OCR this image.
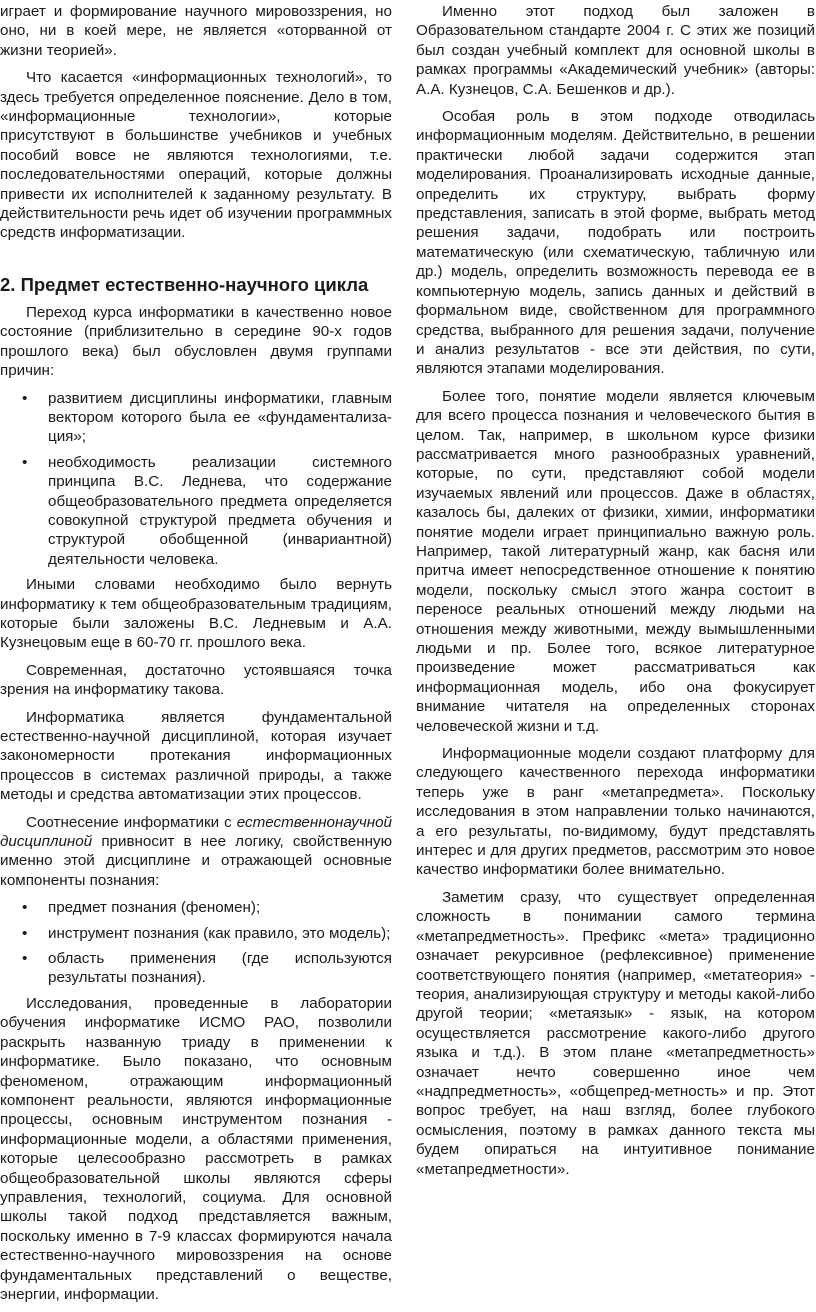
играет и формирование научного мировоззрения, но оно, ни в коей мере, не является «оторванной от жизни теорией».

Что касается «информационных технологий», то здесь требуется определенное пояснение. Дело в том, «информационные технологии», которые присутствуют в большинстве учебников и учебных пособий вовсе не являются технологиями, т.е. последовательностями операций, которые должны привести их исполнителей к заданному результату. В действительности речь идет об изучении программных средств информатизации.

2. Предмет естественно-научного цикла

Переход курса информатики в качественно новое состояние (приблизительно в середине 90-х годов прошлого века) был обусловлен двумя группами причин:

• развитием дисциплины информатики, главным вектором которого была ее «фундаментализа-ция»;
• необходимость реализации системного принципа В.С. Леднева, что содержание общеобразовательного предмета определяется совокупной структурой предмета обучения и структурой обобщенной (инвариантной) деятельности человека.

Иными словами необходимо было вернуть информатику к тем общеобразовательным традициям, которые были заложены В.С. Ледневым и А.А. Кузнецовым еще в 60-70 гг. прошлого века.

Современная, достаточно устоявшаяся точка зрения на информатику такова.

Информатика является фундаментальной естественно-научной дисциплиной, которая изучает закономерности протекания информационных процессов в системах различной природы, а также методы и средства автоматизации этих процессов.

Соотнесение информатики с естественнонаучной дисциплиной привносит в нее логику, свойственную именно этой дисциплине и отражающей основные компоненты познания:

• предмет познания (феномен);
• инструмент познания (как правило, это модель);
• область применения (где используются результаты познания).

Исследования, проведенные в лаборатории обучения информатике ИСМО РАО, позволили раскрыть названную триаду в применении к информатике. Было показано, что основным феноменом, отражающим информационный компонент реальности, являются информационные процессы, основным инструментом познания - информационные модели, а областями применения, которые целесообразно рассмотреть в рамках общеобразовательной школы являются сферы управления, технологий, социума. Для основной школы такой подход представляется важным, поскольку именно в 7-9 классах формируются начала естественно-научного мировоззрения на основе фундаментальных представлений о веществе, энергии, информации.

Именно этот подход был заложен в Образовательном стандарте 2004 г. С этих же позиций был создан учебный комплект для основной школы в рамках программы «Академический учебник» (авторы: А.А. Кузнецов, С.А. Бешенков и др.).

Особая роль в этом подходе отводилась информационным моделям. Действительно, в решении практически любой задачи содержится этап моделирования. Проанализировать исходные данные, определить их структуру, выбрать форму представления, записать в этой форме, выбрать метод решения задачи, подобрать или построить математическую (или схематическую, табличную или др.) модель, определить возможность перевода ее в компьютерную модель, запись данных и действий в формальном виде, свойственном для программного средства, выбранного для решения задачи, получение и анализ результатов - все эти действия, по сути, являются этапами моделирования.

Более того, понятие модели является ключевым для всего процесса познания и человеческого бытия в целом. Так, например, в школьном курсе физики рассматривается много разнообразных уравнений, которые, по сути, представляют собой модели изучаемых явлений или процессов. Даже в областях, казалось бы, далеких от физики, химии, информатики понятие модели играет принципиально важную роль. Например, такой литературный жанр, как басня или притча имеет непосредственное отношение к понятию модели, поскольку смысл этого жанра состоит в переносе реальных отношений между людьми на отношения между животными, между вымышленными людьми и пр. Более того, всякое литературное произведение может рассматриваться как информационная модель, ибо она фокусирует внимание читателя на определенных сторонах человеческой жизни и т.д.

Информационные модели создают платформу для следующего качественного перехода информатики теперь уже в ранг «метапредмета». Поскольку исследования в этом направлении только начинаются, а его результаты, по-видимому, будут представлять интерес и для других предметов, рассмотрим это новое качество информатики более внимательно.

Заметим сразу, что существует определенная сложность в понимании самого термина «метапредметность». Префикс «мета» традиционно означает рекурсивное (рефлексивное) применение соответствующего понятия (например, «метатеория» - теория, анализирующая структуру и методы какой-либо другой теории; «метаязык» - язык, на котором осуществляется рассмотрение какого-либо другого языка и т.д.). В этом плане «метапредметность» означает нечто совершенно иное чем «надпредметность», «общепред-метность» и пр. Этот вопрос требует, на наш взгляд, более глубокого осмысления, поэтому в рамках данного текста мы будем опираться на интуитивное понимание «метапредметности».
